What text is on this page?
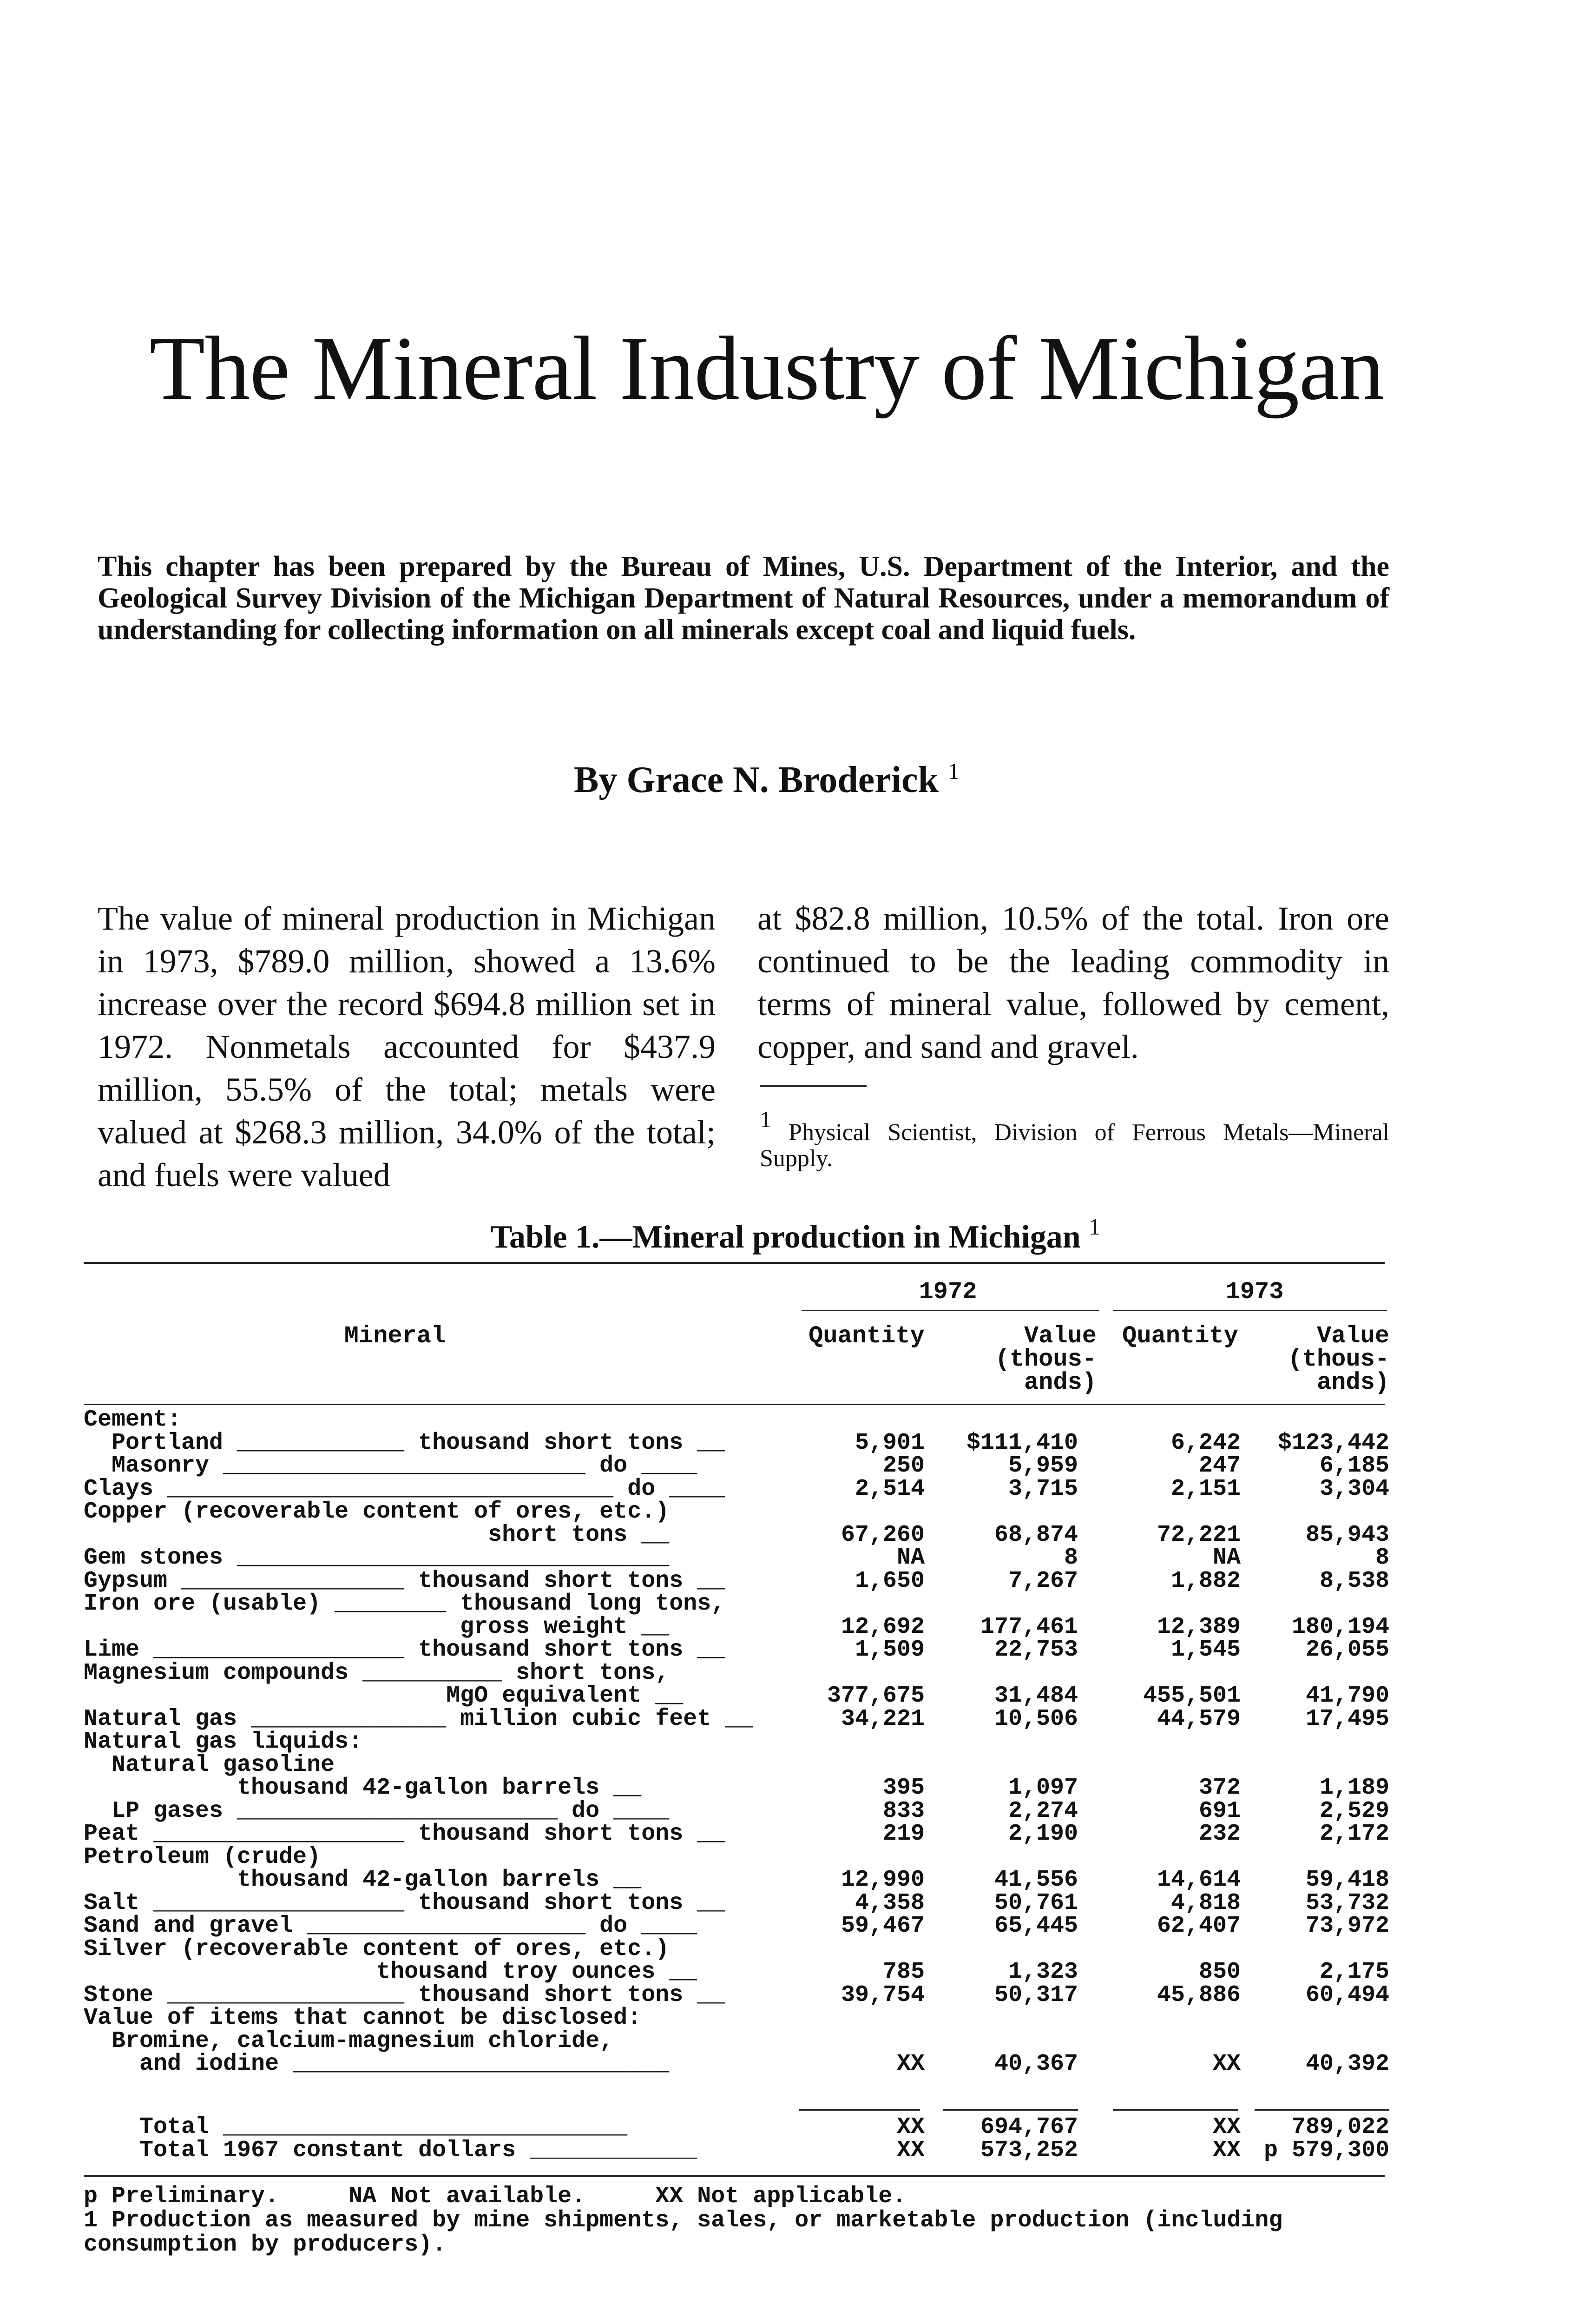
The Mineral Industry of Michigan
This chapter has been prepared by the Bureau of Mines, U.S. Department of the Interior, and the Geological Survey Division of the Michigan Department of Natural Resources, under a memorandum of understanding for collecting information on all minerals except coal and liquid fuels.
By Grace N. Broderick $^1$
The value of mineral production in Michigan in 1973, $789.0 million, showed a 13.6% increase over the record $694.8 million set in 1972. Nonmetals accounted for $437.9 million, 55.5% of the total; metals were valued at $268.3 million, 34.0% of the total; and fuels were valued
at $82.8 million, 10.5% of the total. Iron ore continued to be the leading commodity in terms of mineral value, followed by cement, copper, and sand and gravel.
1 Physical Scientist, Division of Ferrous Metals—Mineral Supply.
Table 1.—Mineral production in Michigan $^1$
Mineral
1972	1973
Quantity	Value
(thous-
ands)
Quantity	Value
(thous-
ands)
Cement:
Portland ____________ thousand short tons __	5,901	$111,410	6,242	$123,442
Masonry __________________________ do ____	250	5,959	247	6,185
Clays ________________________________ do ____	2,514	3,715	2,151	3,304
Copper (recoverable content of ores, etc.)
short tons __	67,260	68,874	72,221	85,943
Gem stones _______________________________	NA	8	NA	8
Gypsum ________________ thousand short tons __	1,650	7,267	1,882	8,538
Iron ore (usable) ________ thousand long tons,
gross weight __	12,692	177,461	12,389	180,194
Lime __________________ thousand short tons __	1,509	22,753	1,545	26,055
Magnesium compounds __________ short tons,
MgO equivalent __	377,675	31,484	455,501	41,790
Natural gas ______________ million cubic feet __	34,221	10,506	44,579	17,495
Natural gas liquids:
Natural gasoline
thousand 42-gallon barrels __	395	1,097	372	1,189
LP gases _______________________ do ____	833	2,274	691	2,529
Peat __________________ thousand short tons __	219	2,190	232	2,172
Petroleum (crude)
thousand 42-gallon barrels __	12,990	41,556	14,614	59,418
Salt __________________ thousand short tons __	4,358	50,761	4,818	53,732
Sand and gravel ____________________ do ____	59,467	65,445	62,407	73,972
Silver (recoverable content of ores, etc.)
thousand troy ounces __	785	1,323	850	2,175
Stone _________________ thousand short tons __	39,754	50,317	45,886	60,494
Value of items that cannot be disclosed:
Bromine, calcium-magnesium chloride,
and iodine ___________________________	XX	40,367	XX	40,392
Total _____________________________	XX	694,767	XX	789,022
Total 1967 constant dollars ____________	XX	573,252	XX p 579,300
p Preliminary.     NA Not available.     XX Not applicable.
1 Production as measured by mine shipments, sales, or marketable production (including consumption by producers).
